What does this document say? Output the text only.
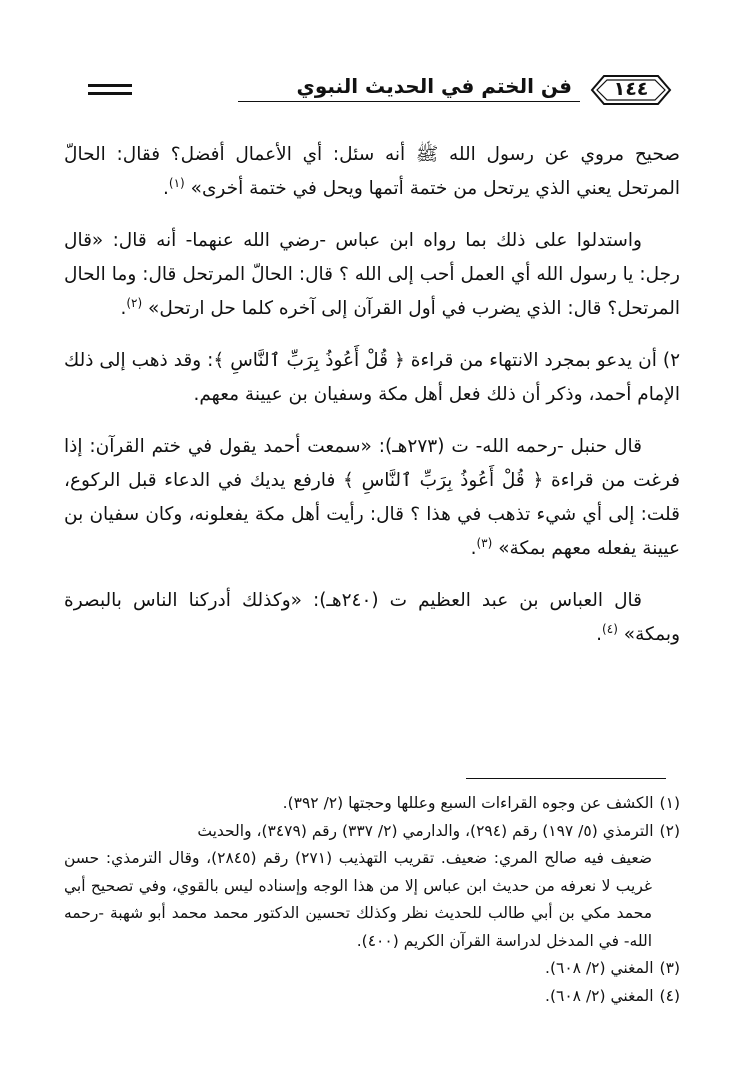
١٤٤
فن الختم في الحديث النبوي

صحيح مروي عن رسول الله ﷺ أنه سئل: أي الأعمال أفضل؟ فقال: الحالّ المرتحل يعني الذي يرتحل من ختمة أتمها ويحل في ختمة أخرى» $^{(١)}$.

واستدلوا على ذلك بما رواه ابن عباس -رضي الله عنهما- أنه قال: «قال رجل: يا رسول الله أي العمل أحب إلى الله ؟ قال: الحالّ المرتحل قال: وما الحال المرتحل؟ قال: الذي يضرب في أول القرآن إلى آخره كلما حل ارتحل» $^{(٢)}$.

٢) أن يدعو بمجرد الانتهاء من قراءة ﴿ قُلْ أَعُوذُ بِرَبِّ ٱلنَّاسِ ﴾: وقد ذهب إلى ذلك الإمام أحمد، وذكر أن ذلك فعل أهل مكة وسفيان بن عيينة معهم.

قال حنبل -رحمه الله- ت (٢٧٣هـ): «سمعت أحمد يقول في ختم القرآن: إذا فرغت من قراءة ﴿ قُلْ أَعُوذُ بِرَبِّ ٱلنَّاسِ ﴾ فارفع يديك في الدعاء قبل الركوع، قلت: إلى أي شيء تذهب في هذا ؟ قال: رأيت أهل مكة يفعلونه، وكان سفيان بن عيينة يفعله معهم بمكة» $^{(٣)}$.

قال العباس بن عبد العظيم ت (٢٤٠هـ): «وكذلك أدركنا الناس بالبصرة وبمكة» $^{(٤)}$.

(١)الكشف عن وجوه القراءات السبع وعللها وحجتها (٢/ ٣٩٢).

(٢)الترمذي (٥/ ١٩٧) رقم (٢٩٤)، والدارمي (٢/ ٣٣٧) رقم (٣٤٧٩)، والحديث

ضعيف فيه صالح المري: ضعيف. تقريب التهذيب (٢٧١) رقم (٢٨٤٥)، وقال الترمذي: حسن غريب لا نعرفه من حديث ابن عباس إلا من هذا الوجه وإسناده ليس بالقوي، وفي تصحيح أبي محمد مكي بن أبي طالب للحديث نظر وكذلك تحسين الدكتور محمد محمد أبو شهبة -رحمه الله- في المدخل لدراسة القرآن الكريم (٤٠٠).

(٣)المغني (٢/ ٦٠٨).

(٤)المغني (٢/ ٦٠٨).
